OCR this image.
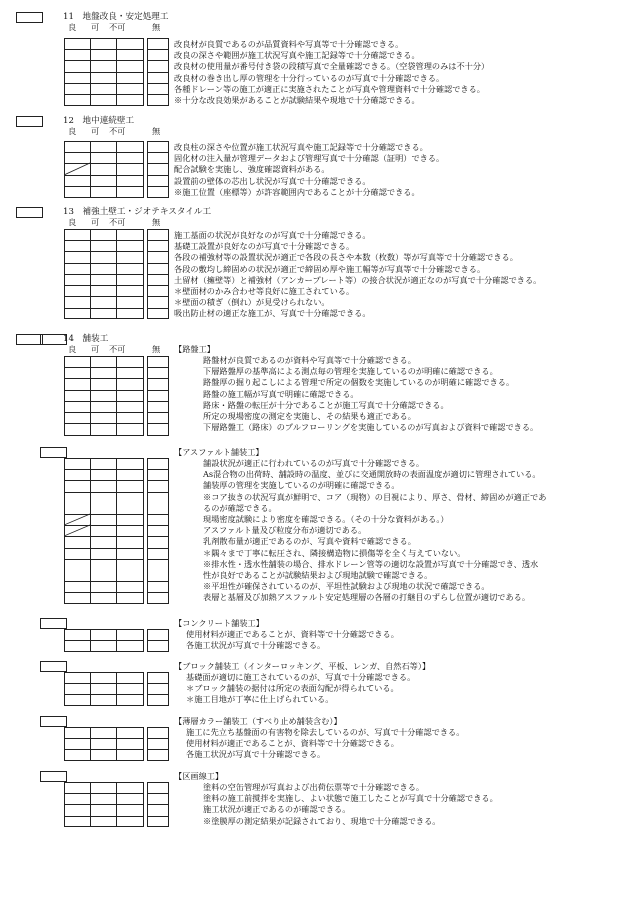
11　地盤改良・安定処理工
良 可 不可	無
改良材が良質であるのが品質資料や写真等で十分確認できる。
改良の深さや範囲が施工状況写真や施工記録等で十分確認できる。
改良材の使用量が番号付き袋の段積写真で全量確認できる。（空袋管理のみは不十分）
改良材の巻き出し厚の管理を十分行っているのが写真で十分確認できる。
各種ドレーン等の施工が適正に実施されたことが写真や管理資料で十分確認できる。
※十分な改良効果があることが試験結果や現地で十分確認できる。
12　地中連続壁工
良 可 不可	無
改良柱の深さや位置が施工状況写真や施工記録等で十分確認できる。
固化材の注入量が管理データおよび管理写真で十分確認（証明）できる。
配合試験を実施し、強度確認資料がある。
設置前の壁体の芯出し状況が写真で十分確認できる。
※施工位置（座標等）が許容範囲内であることが十分確認できる。
13　補強土壁工・ジオテキスタイル工
良 可 不可	無
施工基面の状況が良好なのが写真で十分確認できる。
基礎工設置が良好なのが写真で十分確認できる。
各段の補強材等の設置状況が適正で各段の長さや本数（枚数）等が写真等で十分確認できる。
各段の敷均し締固めの状況が適正で締固め厚や施工幅等が写真等で十分確認できる。
土留材（擁壁等）と補強材（アンカープレート等）の接合状況が適正なのが写真で十分確認できる。
＊壁面材のかみ合わせ等良好に施工されている。
＊壁面の積ぎ（倒れ）が見受けられない。
吸出防止材の適正な施工が、写真で十分確認できる。
14　舗装工
良 可 不可	無 【路盤工】
路盤材が良質であるのが資料や写真等で十分確認できる。
下層路盤厚の基準高による測点毎の管理を実施しているのが明確に確認できる。
路盤厚の掘り起こしによる管理で所定の個数を実施しているのが明確に確認できる。
路盤の施工幅が写真で明確に確認できる。
路床・路盤の転圧が十分であることが施工写真で十分確認できる。
所定の現場密度の測定を実施し、その結果も適正である。
下層路盤工（路床）のプルフローリングを実施しているのが写真および資料で確認できる。
【アスファルト舗装工】
舗設状況が適正に行われているのが写真で十分確認できる。
As混合物の出荷時、舗設時の温度、並びに交通開放時の表面温度が適切に管理されている。
舗装厚の管理を実施しているのが明確に確認できる。
※コア抜きの状況写真が鮮明で、コア（現物）の目視により、厚さ、骨材、締固めが適正であ
るのが確認できる。
現場密度試験により密度を確認できる。（その十分な資料がある。）
アスファルト量及び粒度分布が適切である。
乳剤散布量が適正であるのが、写真や資料で確認できる。
＊隅々まで丁寧に転圧され、隣接構造物に損傷等を全く与えていない。
※排水性・透水性舗装の場合、排水ドレーン管等の適切な設置が写真で十分確認でき、透水
性が良好であることが試験結果および現地試験で確認できる。
※平坦性が確保されているのが、平坦性試験および現地の状況で確認できる。
表層と基層及び加熱アスファルト安定処理層の各層の打継目のずらし位置が適切である。
【コンクリート舗装工】
使用材料が適正であることが、資料等で十分確認できる。
各施工状況が写真で十分確認できる。
【ブロック舗装工（インターロッキング、平板、レンガ、自然石等）】
基礎面が適切に施工されているのが、写真で十分確認できる。
＊ブロック舗装の据付は所定の表面勾配が得られている。
＊施工目地が丁寧に仕上げられている。
【薄層カラー舗装工（すべり止め舗装含む）】
施工に先立ち基盤面の有害物を除去しているのが、写真で十分確認できる。
使用材料が適正であることが、資料等で十分確認できる。
各施工状況が写真で十分確認できる。
【区画線工】
塗料の空缶管理が写真および出荷伝票等で十分確認できる。
塗料の施工前撹拌を実施し、よい状態で施工したことが写真で十分確認できる。
施工状況が適正であるのが確認できる。
※塗膜厚の測定結果が記録されており、現地で十分確認できる。
